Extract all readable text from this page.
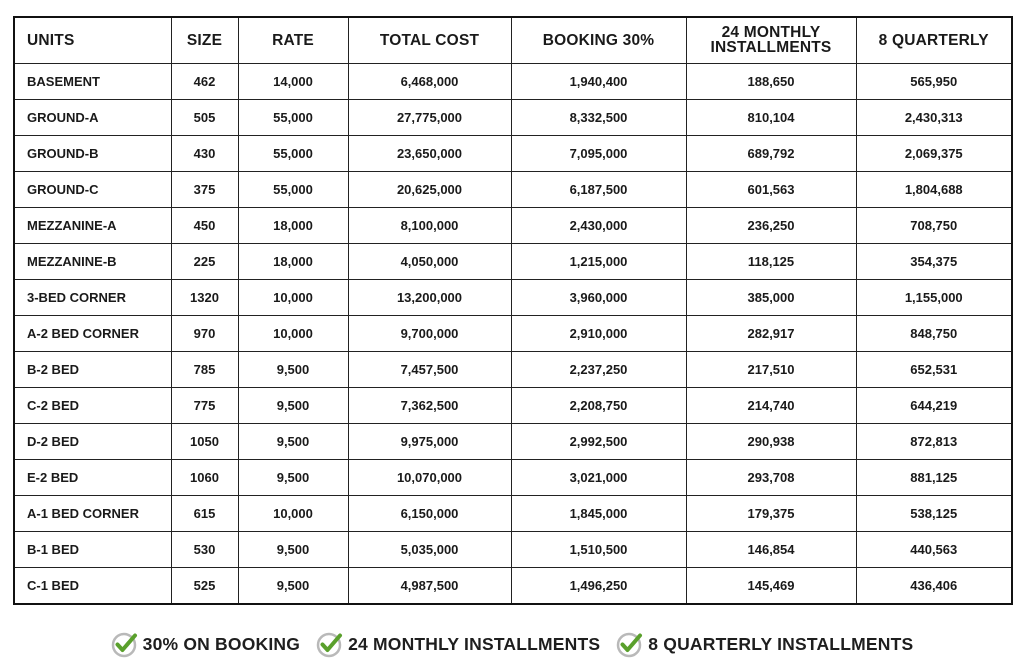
UNITS	SIZE	RATE	TOTAL COST	BOOKING 30%	24 MONTHLY INSTALLMENTS	8 QUARTERLY
BASEMENT	462	14,000	6,468,000	1,940,400	188,650	565,950
GROUND-A	505	55,000	27,775,000	8,332,500	810,104	2,430,313
GROUND-B	430	55,000	23,650,000	7,095,000	689,792	2,069,375
GROUND-C	375	55,000	20,625,000	6,187,500	601,563	1,804,688
MEZZANINE-A	450	18,000	8,100,000	2,430,000	236,250	708,750
MEZZANINE-B	225	18,000	4,050,000	1,215,000	118,125	354,375
3-BED CORNER	1320	10,000	13,200,000	3,960,000	385,000	1,155,000
A-2 BED CORNER	970	10,000	9,700,000	2,910,000	282,917	848,750
B-2 BED	785	9,500	7,457,500	2,237,250	217,510	652,531
C-2 BED	775	9,500	7,362,500	2,208,750	214,740	644,219
D-2 BED	1050	9,500	9,975,000	2,992,500	290,938	872,813
E-2 BED	1060	9,500	10,070,000	3,021,000	293,708	881,125
A-1 BED CORNER	615	10,000	6,150,000	1,845,000	179,375	538,125
B-1 BED	530	9,500	5,035,000	1,510,500	146,854	440,563
C-1 BED	525	9,500	4,987,500	1,496,250	145,469	436,406
30% ON BOOKING	24 MONTHLY INSTALLMENTS	8 QUARTERLY INSTALLMENTS
